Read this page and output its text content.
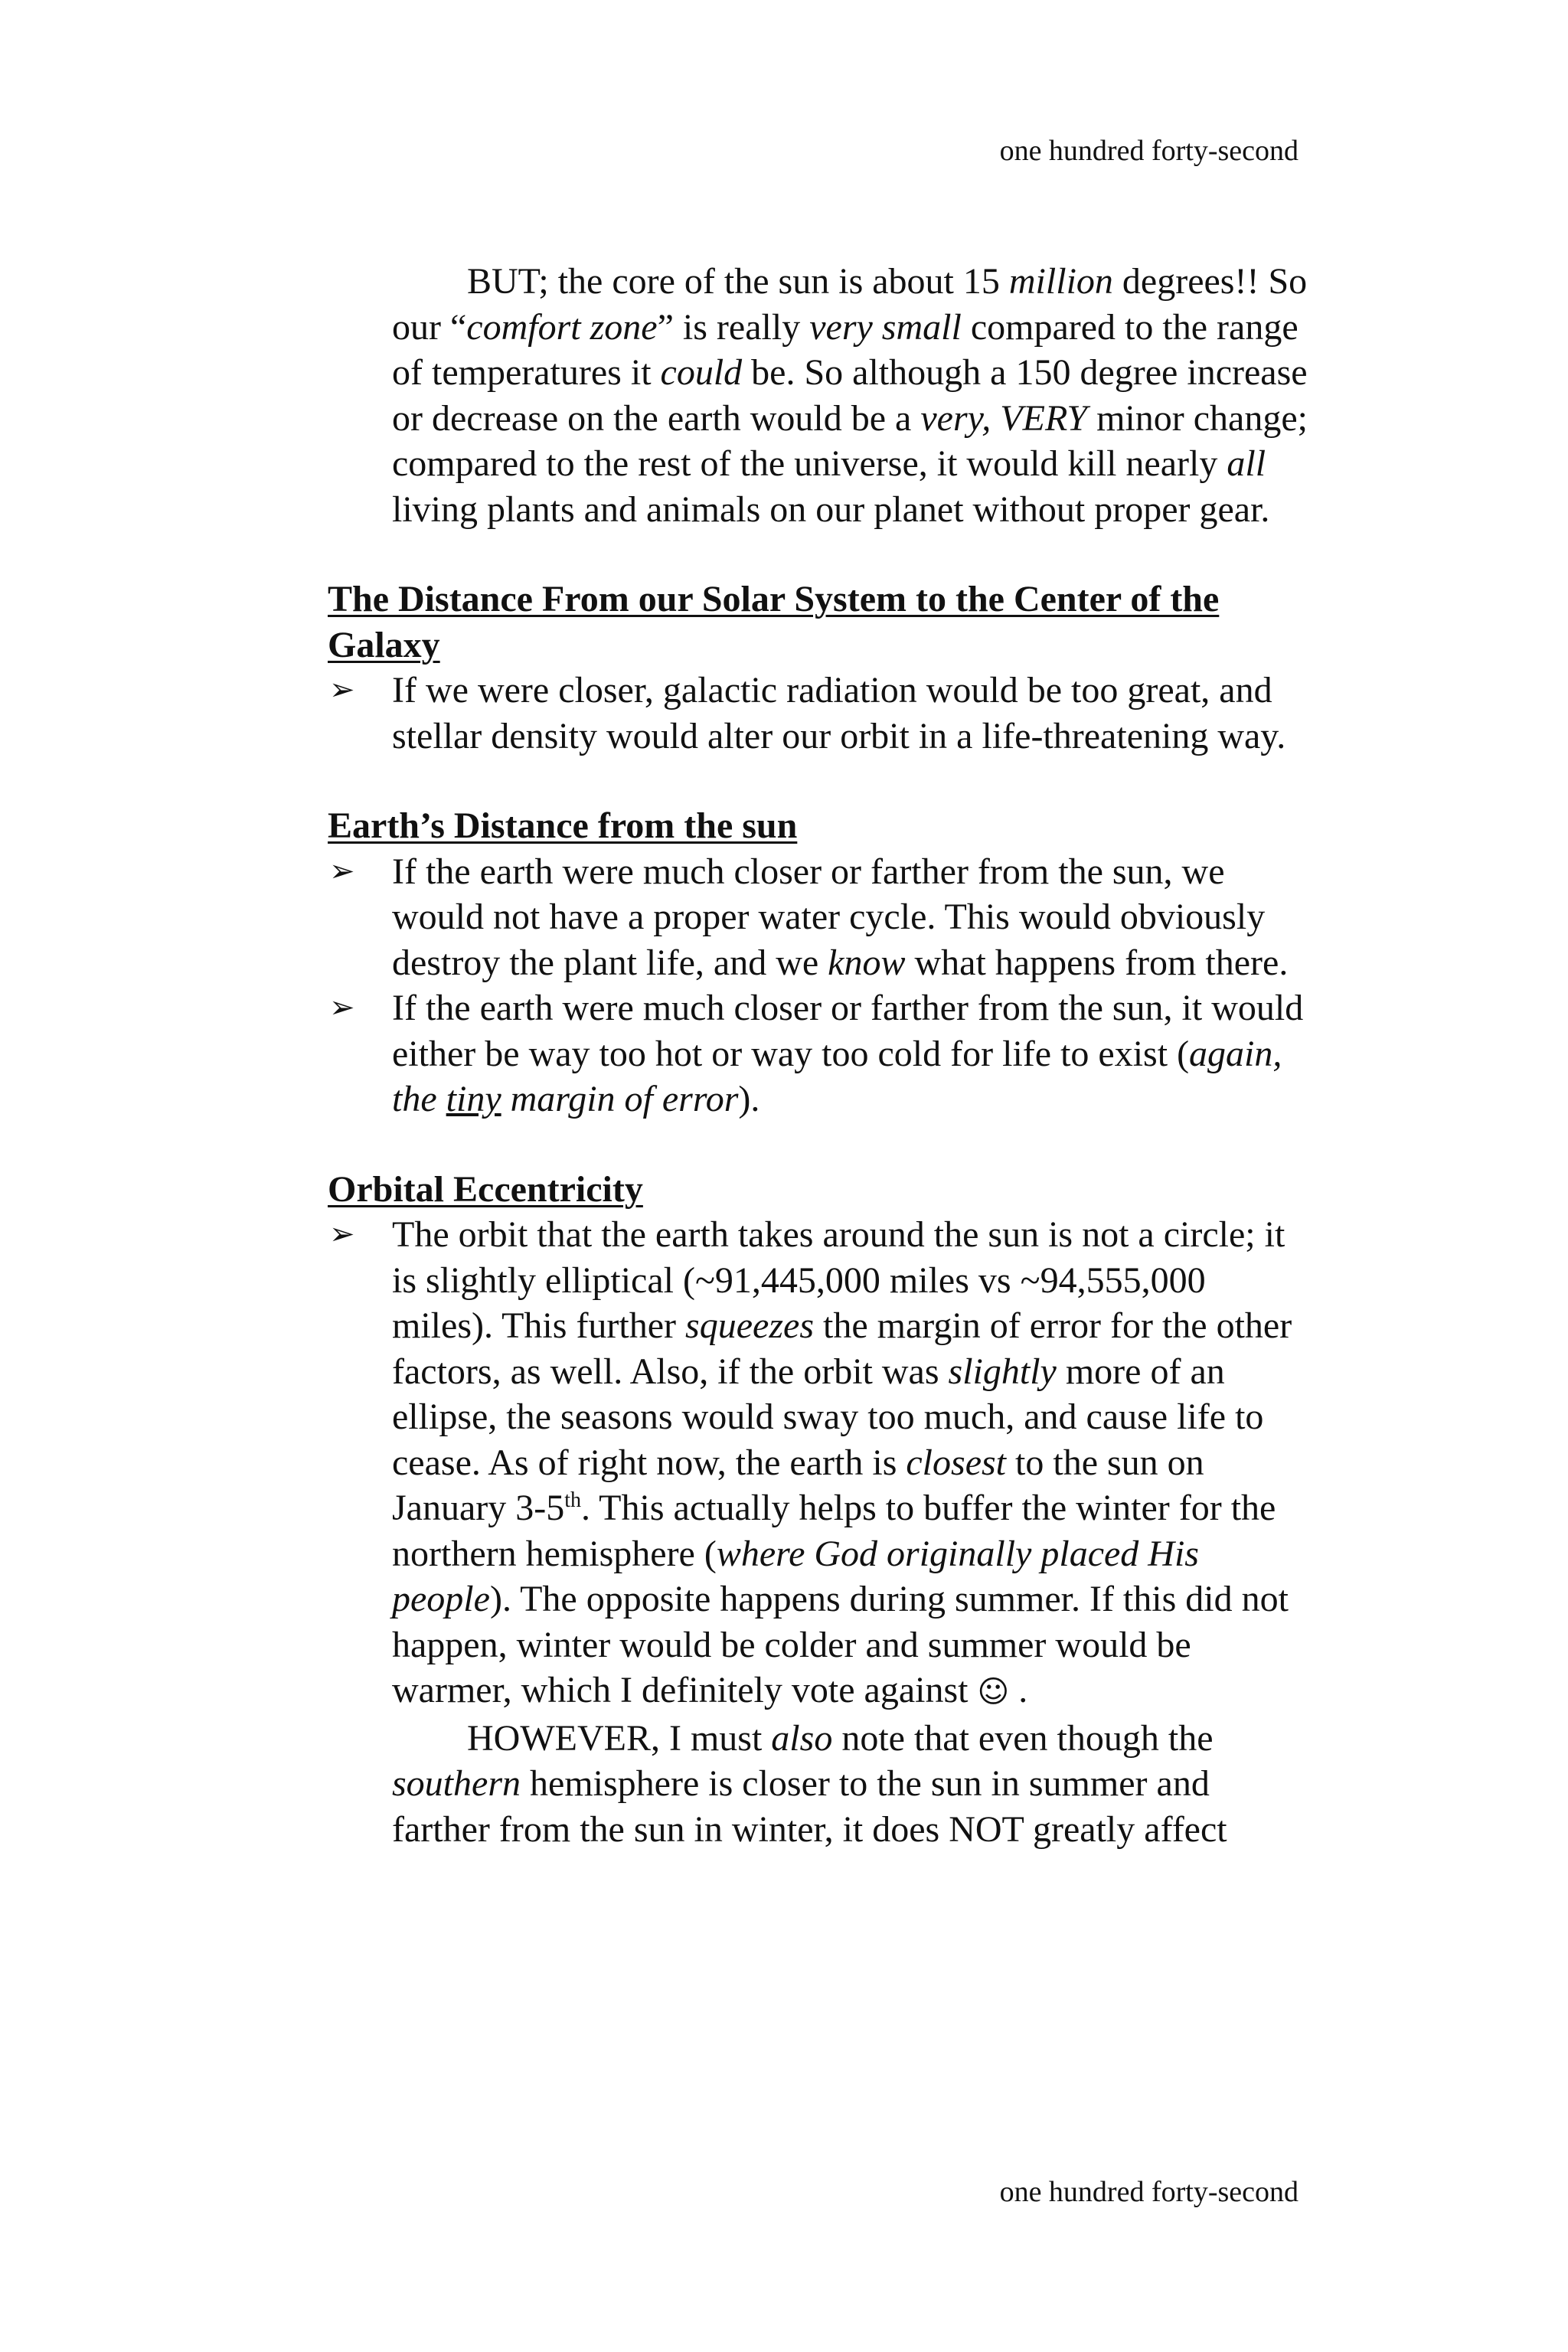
one hundred forty-second

BUT; the core of the sun is about 15 million degrees!! So our “comfort zone” is really very small compared to the range of temperatures it could be. So although a 150 degree increase or decrease on the earth would be a very, VERY minor change; compared to the rest of the universe, it would kill nearly all living plants and animals on our planet without proper gear.

The Distance From our Solar System to the Center of the Galaxy

➢ If we were closer, galactic radiation would be too great, and stellar density would alter our orbit in a life-threatening way.

Earth’s Distance from the sun

➢ If the earth were much closer or farther from the sun, we would not have a proper water cycle. This would obviously destroy the plant life, and we know what happens from there.
➢ If the earth were much closer or farther from the sun, it would either be way too hot or way too cold for life to exist (again, the tiny margin of error).

Orbital Eccentricity

➢ The orbit that the earth takes around the sun is not a circle; it is slightly elliptical (~91,445,000 miles vs ~94,555,000 miles). This further squeezes the margin of error for the other factors, as well. Also, if the orbit was slightly more of an ellipse, the seasons would sway too much, and cause life to cease. As of right now, the earth is closest to the sun on January 3-5th. This actually helps to buffer the winter for the northern hemisphere (where God originally placed His people). The opposite happens during summer. If this did not happen, winter would be colder and summer would be warmer, which I definitely vote against ☺ .
HOWEVER, I must also note that even though the southern hemisphere is closer to the sun in summer and farther from the sun in winter, it does NOT greatly affect
one hundred forty-second
